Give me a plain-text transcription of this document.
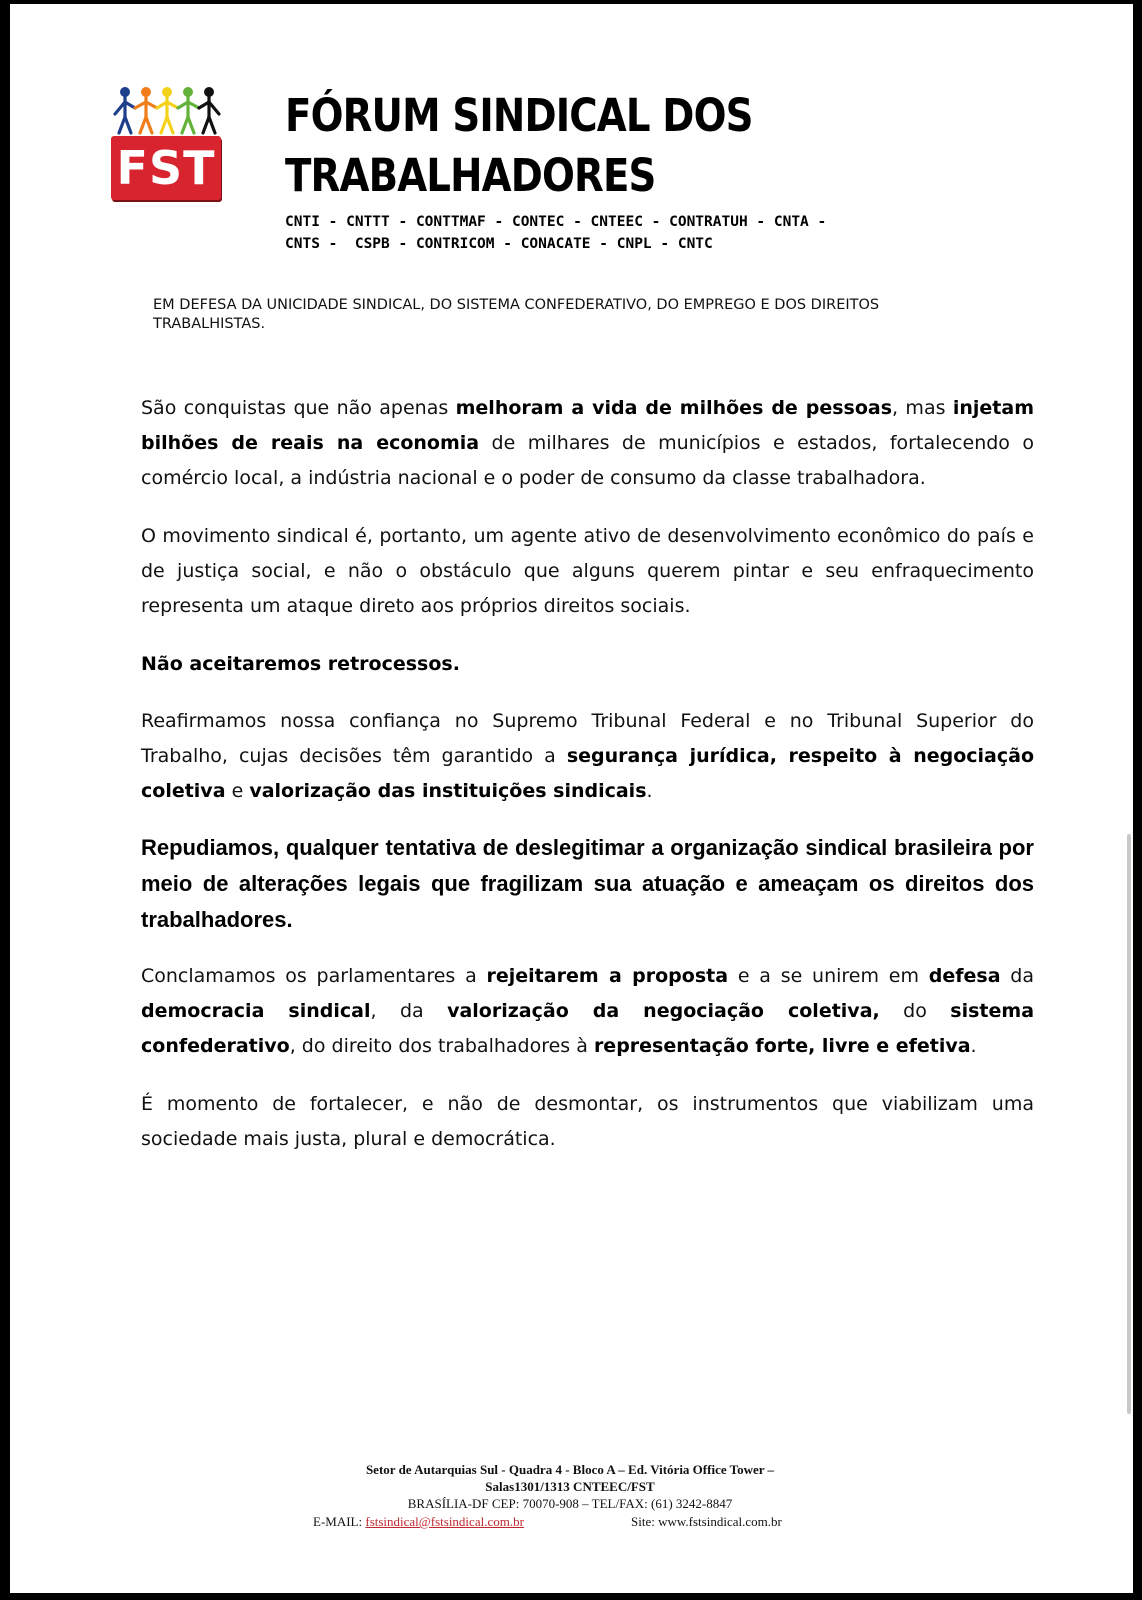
FST
FÓRUM SINDICAL DOS
TRABALHADORES

CNTI - CNTTT - CONTTMAF - CONTEC - CNTEEC - CONTRATUH - CNTA -
CNTS -  CSPB - CONTRICOM - CONACATE - CNPL - CNTC

EM DEFESA DA UNICIDADE SINDICAL, DO SISTEMA CONFEDERATIVO, DO EMPREGO E DOS DIREITOS TRABALHISTAS.

São conquistas que não apenas melhoram a vida de milhões de pessoas, mas injetam bilhões de reais na economia de milhares de municípios e estados, fortalecendo o comércio local, a indústria nacional e o poder de consumo da classe trabalhadora.

O movimento sindical é, portanto, um agente ativo de desenvolvimento econômico do país e de justiça social, e não o obstáculo que alguns querem pintar e seu enfraquecimento representa um ataque direto aos próprios direitos sociais.

Não aceitaremos retrocessos.

Reafirmamos nossa confiança no Supremo Tribunal Federal e no Tribunal Superior do Trabalho, cujas decisões têm garantido a segurança jurídica, respeito à negociação coletiva e valorização das instituições sindicais.

Repudiamos, qualquer tentativa de deslegitimar a organização sindical brasileira por meio de alterações legais que fragilizam sua atuação e ameaçam os direitos dos trabalhadores.

Conclamamos os parlamentares a rejeitarem a proposta e a se unirem em defesa da democracia sindical, da valorização da negociação coletiva, do sistema confederativo, do direito dos trabalhadores à representação forte, livre e efetiva.

É momento de fortalecer, e não de desmontar, os instrumentos que viabilizam uma sociedade mais justa, plural e democrática.

Setor de Autarquias Sul - Quadra 4 - Bloco A – Ed. Vitória Office Tower –
Salas1301/1313 CNTEEC/FST
BRASÍLIA-DF CEP: 70070-908 – TEL/FAX: (61) 3242-8847
E-MAIL: fstsindical@fstsindical.com.br	Site: www.fstsindical.com.br
